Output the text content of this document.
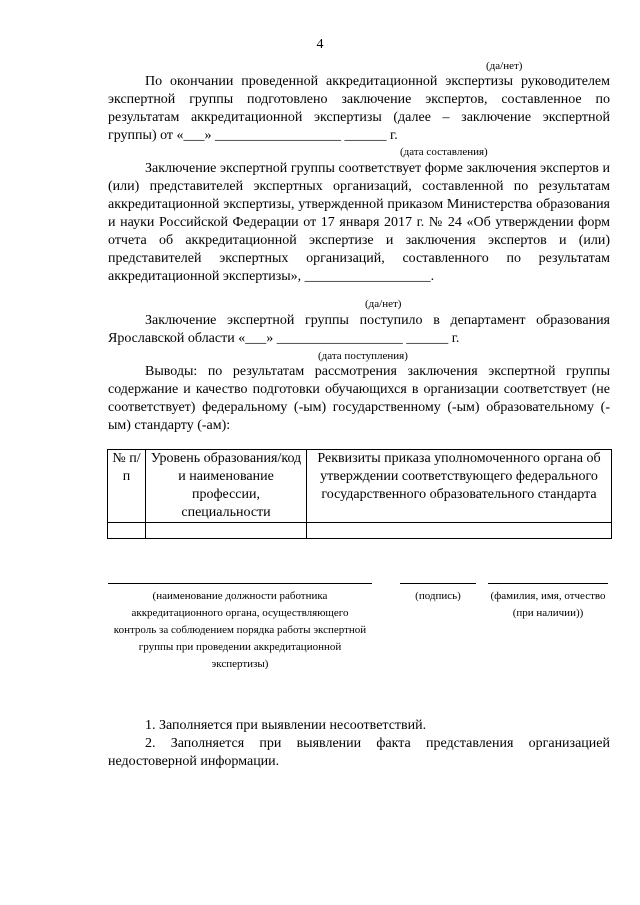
4
(да/нет)
По окончании проведенной аккредитационной экспертизы руководителем экспертной группы подготовлено заключение экспертов, составленное по результатам аккредитационной экспертизы (далее – заключение экспертной группы) от «___» __________________ ______ г.
(дата составления)
Заключение экспертной группы соответствует форме заключения экспертов и (или) представителей экспертных организаций, составленной по результатам аккредитационной экспертизы, утвержденной приказом Министерства образования и науки Российской Федерации от 17 января 2017 г. № 24 «Об утверждении форм отчета об аккредитационной экспертизе и заключения экспертов и (или) представителей экспертных организаций, составленного по результатам аккредитационной экспертизы», __________________.
(да/нет)
Заключение экспертной группы поступило в департамент образования Ярославской области «___» __________________ ______ г.
(дата поступления)
Выводы: по результатам рассмотрения заключения экспертной группы содержание и качество подготовки обучающихся в организации соответствует (не соответствует) федеральному (-ым) государственному (-ым) образовательному (-ым) стандарту (-ам):
№ п/п	Уровень образования/код и наименование профессии, специальности	Реквизиты приказа уполномоченного органа об утверждении соответствующего федерального государственного образовательного стандарта

(наименование должности работника аккредитационного органа, осуществляющего контроль за соблюдением порядка работы экспертной группы при проведении аккредитационной экспертизы)
(подпись)	(фамилия, имя, отчество (при наличии))
1. Заполняется при выявлении несоответствий.
2. Заполняется при выявлении факта представления организацией недостоверной информации.
